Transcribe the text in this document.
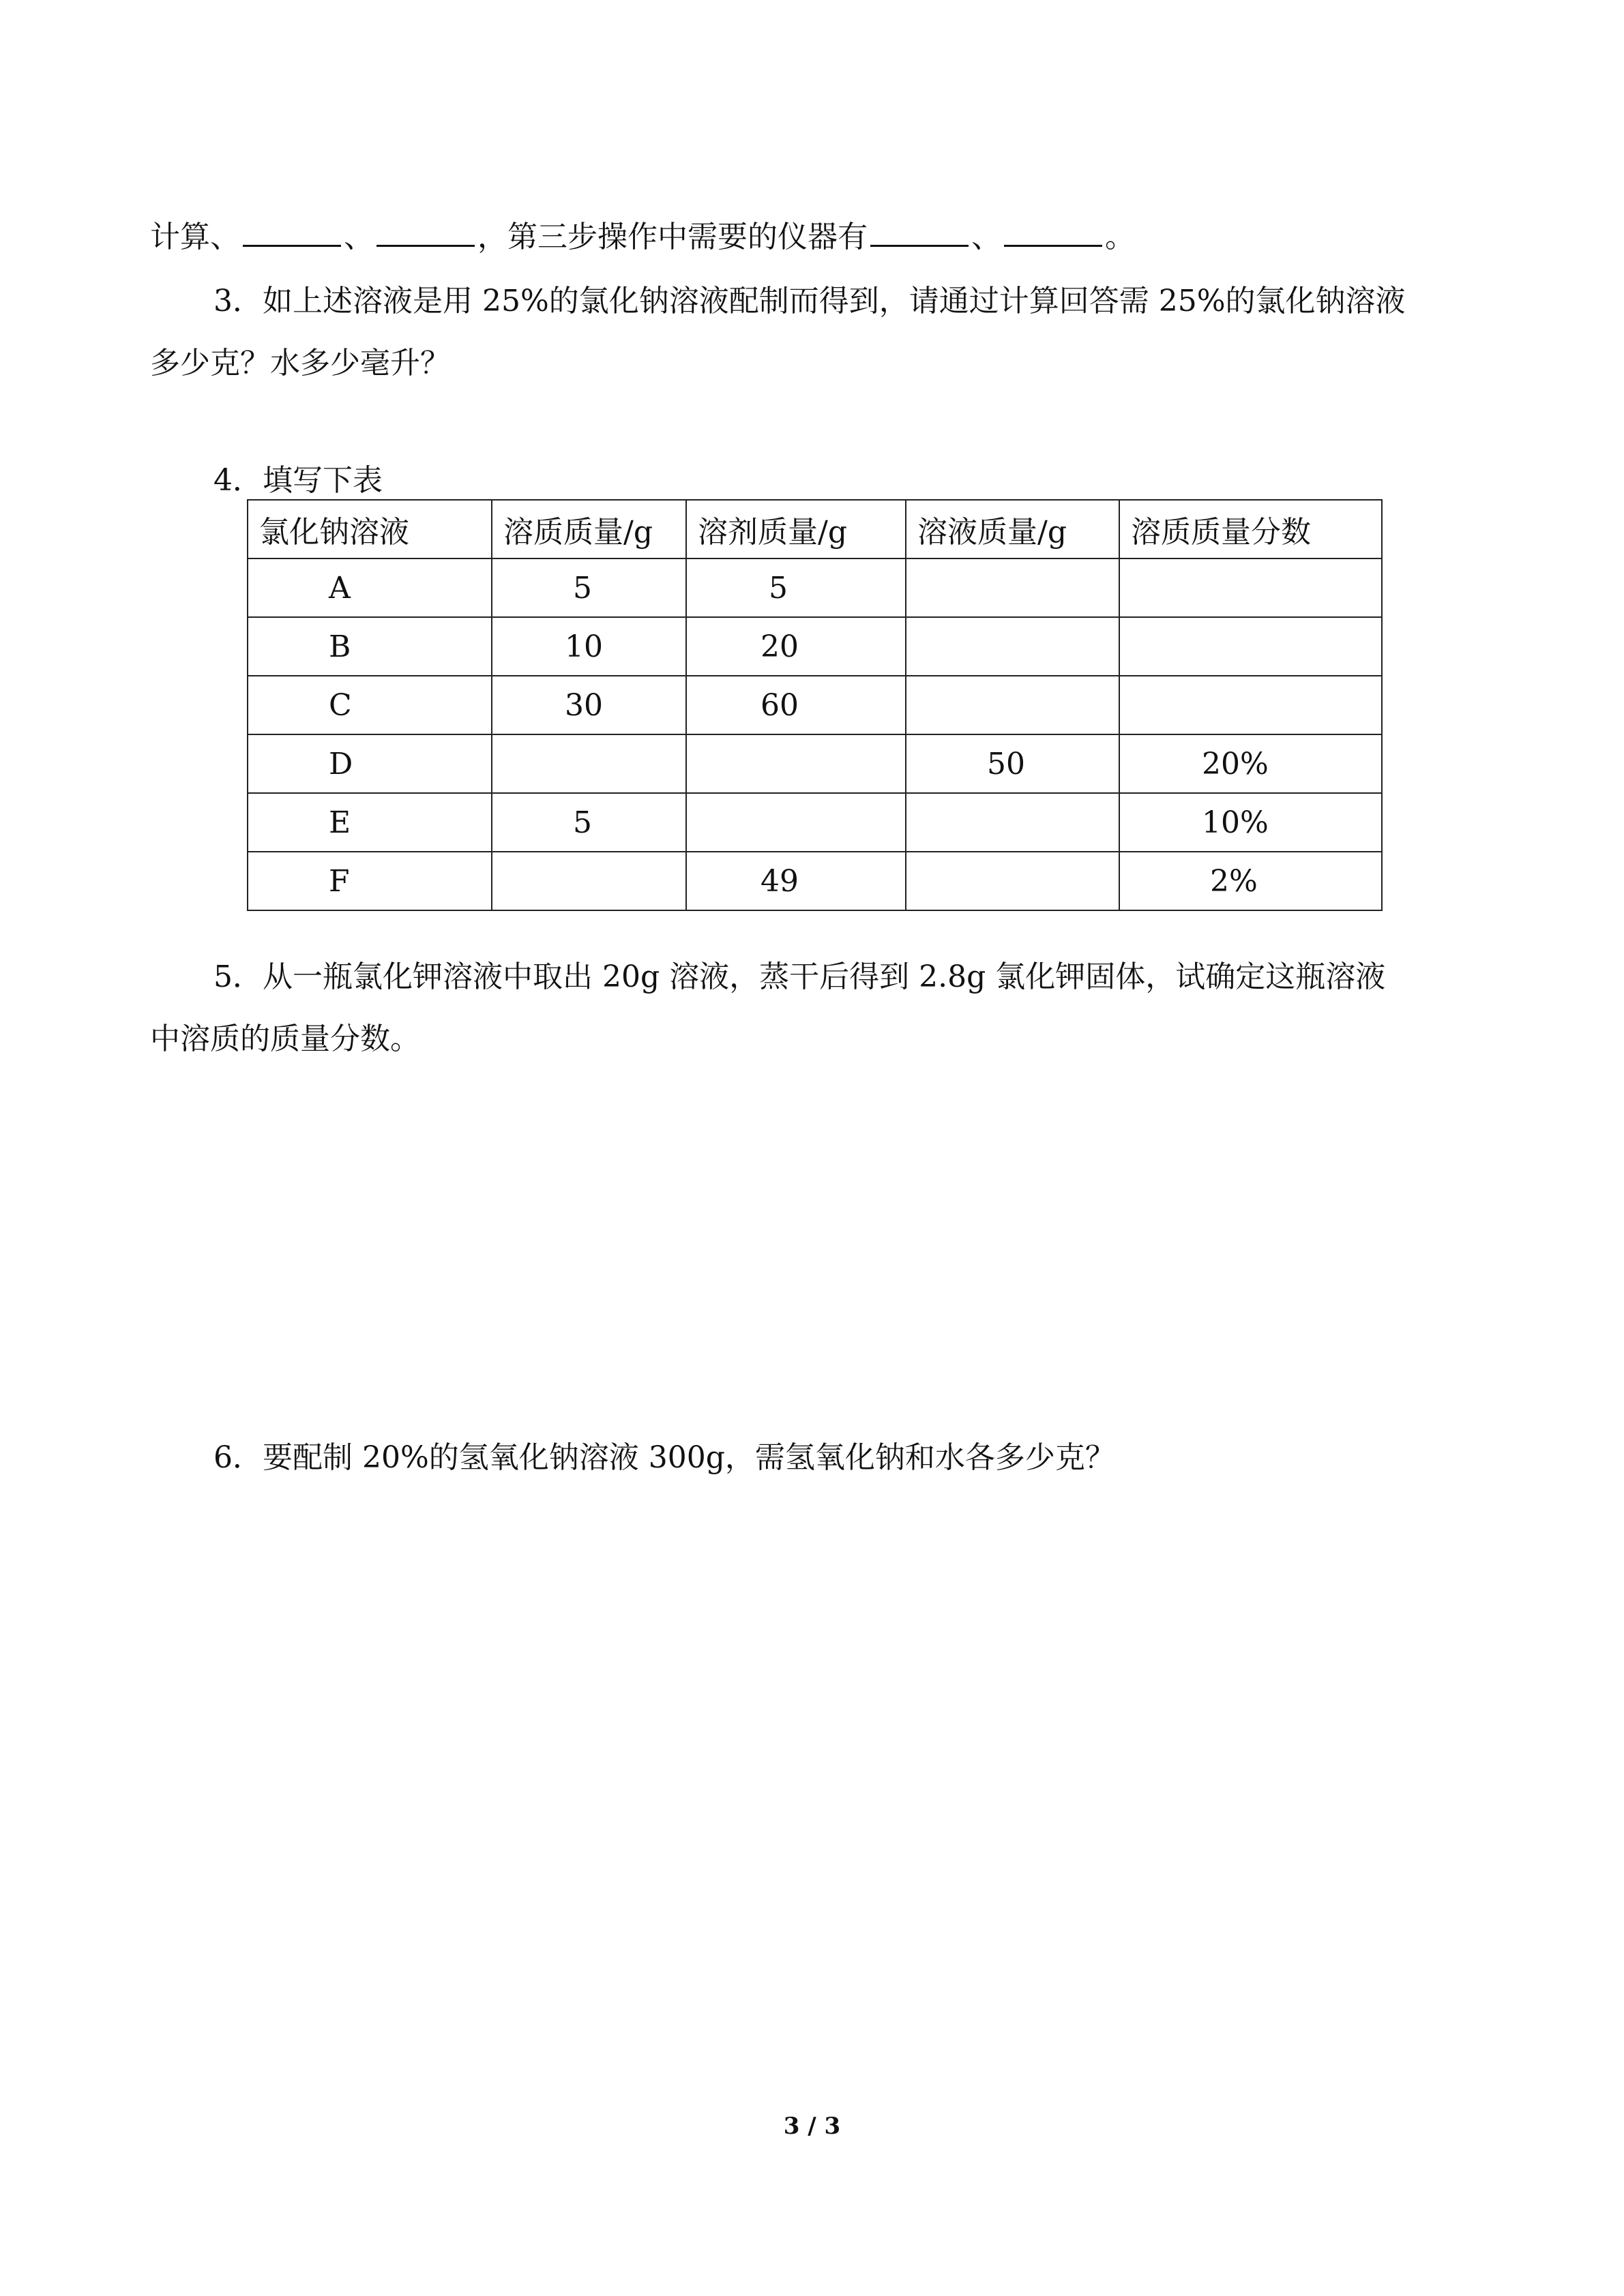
计算、	、	，第三步操作中需要的仪器有	、	。
3．如上述溶液是用 25%的氯化钠溶液配制而得到，请通过计算回答需 25%的氯化钠溶液
多少克？水多少毫升？
4．填写下表
氯化钠溶液	溶质质量/g	溶剂质量/g	溶液质量/g	溶质质量分数
A	5	5		
B	10	20		
C	30	60		
D			50	20%
E	5			10%
F		49		2%
5．从一瓶氯化钾溶液中取出 20g 溶液，蒸干后得到 2.8g 氯化钾固体，试确定这瓶溶液
中溶质的质量分数。
6．要配制 20%的氢氧化钠溶液 300g，需氢氧化钠和水各多少克？
3 / 3
